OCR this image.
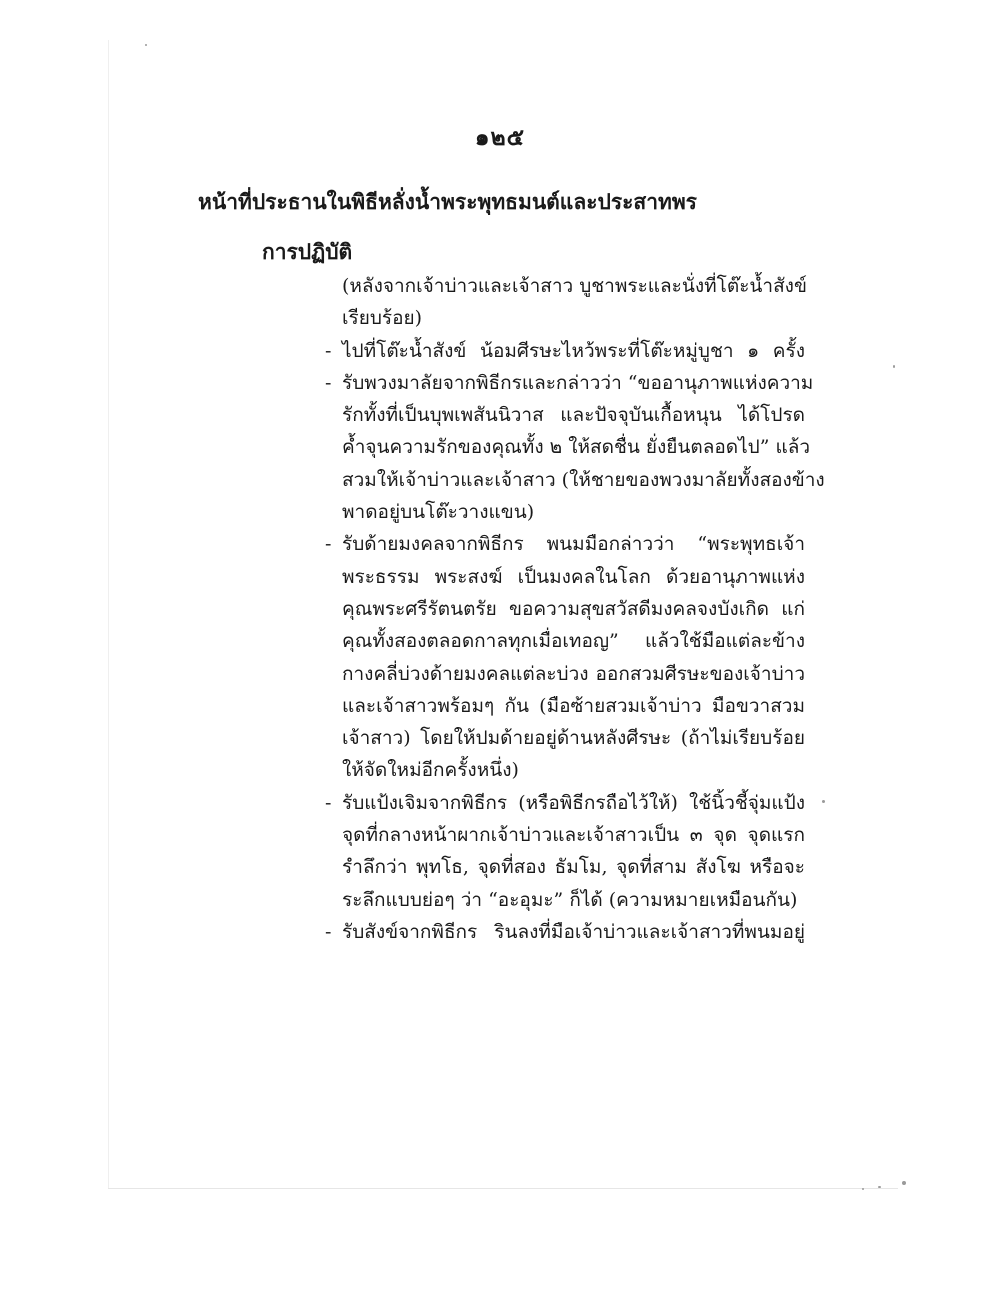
๑๒๕
หน้าที่ประธานในพิธีหลั่งน้ำพระพุทธมนต์และประสาทพร
การปฏิบัติ
(หลังจากเจ้าบ่าวและเจ้าสาว บูชาพระและนั่งที่โต๊ะน้ำสังข์
เรียบร้อย)
- ไปที่โต๊ะน้ำสังข์ น้อมศีรษะไหว้พระที่โต๊ะหมู่บูชา ๑ ครั้ง
- รับพวงมาลัยจากพิธีกรและกล่าวว่า “ขออานุภาพแห่งความ
รักทั้งที่เป็นบุพเพสันนิวาส และปัจจุบันเกื้อหนุน ได้โปรด
ค้ำจุนความรักของคุณทั้ง ๒ ให้สดชื่น ยั่งยืนตลอดไป” แล้ว
สวมให้เจ้าบ่าวและเจ้าสาว (ให้ชายของพวงมาลัยทั้งสองข้าง
พาดอยู่บนโต๊ะวางแขน)
- รับด้ายมงคลจากพิธีกร พนมมือกล่าวว่า “พระพุทธเจ้า
พระธรรม พระสงฆ์ เป็นมงคลในโลก ด้วยอานุภาพแห่ง
คุณพระศรีรัตนตรัย ขอความสุขสวัสดีมงคลจงบังเกิด แก่
คุณทั้งสองตลอดกาลทุกเมื่อเทอญ” แล้วใช้มือแต่ละข้าง
กางคลี่บ่วงด้ายมงคลแต่ละบ่วง ออกสวมศีรษะของเจ้าบ่าว
และเจ้าสาวพร้อมๆ กัน (มือซ้ายสวมเจ้าบ่าว มือขวาสวม
เจ้าสาว) โดยให้ปมด้ายอยู่ด้านหลังศีรษะ (ถ้าไม่เรียบร้อย
ให้จัดใหม่อีกครั้งหนึ่ง)
- รับแป้งเจิมจากพิธีกร (หรือพิธีกรถือไว้ให้) ใช้นิ้วชี้จุ่มแป้ง
จุดที่กลางหน้าผากเจ้าบ่าวและเจ้าสาวเป็น ๓ จุด จุดแรก
รำลึกว่า พุทโธ, จุดที่สอง ธัมโม, จุดที่สาม สังโฆ หรือจะ
ระลึกแบบย่อๆ ว่า “อะอุมะ” ก็ได้ (ความหมายเหมือนกัน)
- รับสังข์จากพิธีกร รินลงที่มือเจ้าบ่าวและเจ้าสาวที่พนมอยู่
